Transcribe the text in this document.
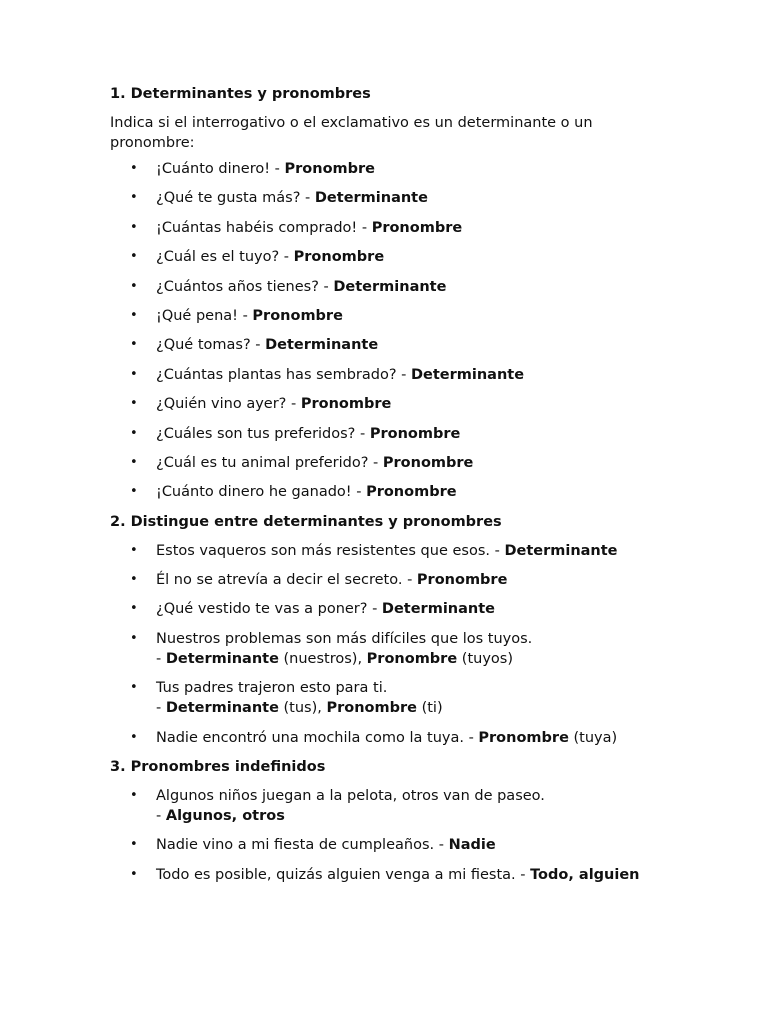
1. Determinantes y pronombres
Indica si el interrogativo o el exclamativo es un determinante o un pronombre:
• ¡Cuánto dinero! - Pronombre
• ¿Qué te gusta más? - Determinante
• ¡Cuántas habéis comprado! - Pronombre
• ¿Cuál es el tuyo? - Pronombre
• ¿Cuántos años tienes? - Determinante
• ¡Qué pena! - Pronombre
• ¿Qué tomas? - Determinante
• ¿Cuántas plantas has sembrado? - Determinante
• ¿Quién vino ayer? - Pronombre
• ¿Cuáles son tus preferidos? - Pronombre
• ¿Cuál es tu animal preferido? - Pronombre
• ¡Cuánto dinero he ganado! - Pronombre
2. Distingue entre determinantes y pronombres
• Estos vaqueros son más resistentes que esos. - Determinante
• Él no se atrevía a decir el secreto. - Pronombre
• ¿Qué vestido te vas a poner? - Determinante
• Nuestros problemas son más difíciles que los tuyos.
- Determinante (nuestros), Pronombre (tuyos)
• Tus padres trajeron esto para ti.
- Determinante (tus), Pronombre (ti)
• Nadie encontró una mochila como la tuya. - Pronombre (tuya)
3. Pronombres indefinidos
• Algunos niños juegan a la pelota, otros van de paseo.
- Algunos, otros
• Nadie vino a mi fiesta de cumpleaños. - Nadie
• Todo es posible, quizás alguien venga a mi fiesta. - Todo, alguien
